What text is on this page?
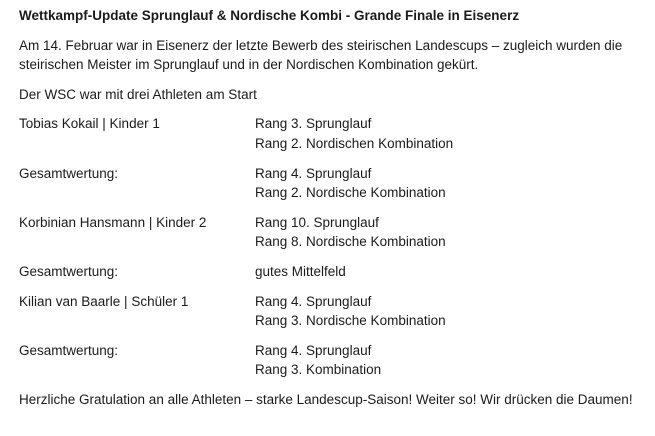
Wettkampf-Update Sprunglauf & Nordische Kombi - Grande Finale in Eisenerz
Am 14. Februar war in Eisenerz der letzte Bewerb des steirischen Landescups – zugleich wurden die steirischen Meister im Sprunglauf und in der Nordischen Kombination gekürt.
Der WSC war mit drei Athleten am Start
Tobias Kokail | Kinder 1	Rang 3. Sprunglauf
Rang 2. Nordischen Kombination
Gesamtwertung:	Rang 4. Sprunglauf
Rang 2. Nordische Kombination
Korbinian Hansmann | Kinder 2	Rang 10. Sprunglauf
Rang 8. Nordische Kombination
Gesamtwertung:	gutes Mittelfeld
Kilian van Baarle | Schüler 1	Rang 4. Sprunglauf
Rang 3. Nordische Kombination
Gesamtwertung:	Rang 4. Sprunglauf
Rang 3. Kombination
Herzliche Gratulation an alle Athleten – starke Landescup-Saison! Weiter so! Wir drücken die Daumen!
